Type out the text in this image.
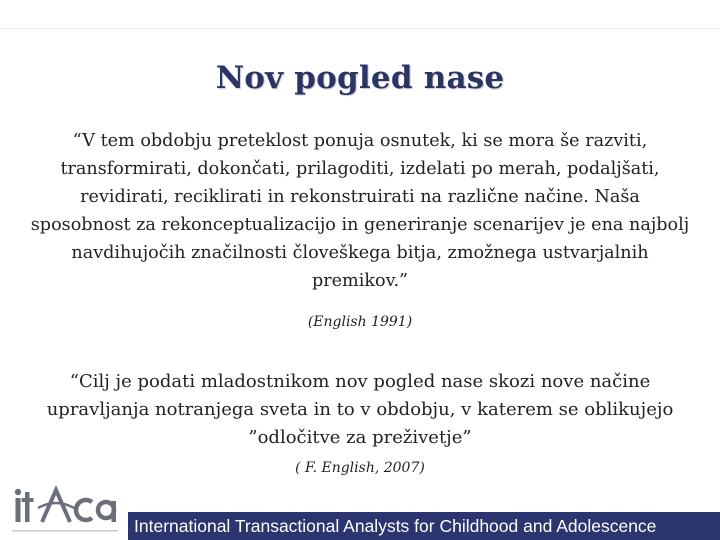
Nov pogled nase

“V tem obdobju preteklost ponuja osnutek, ki se mora še razviti, transformirati, dokončati, prilagoditi, izdelati po merah, podaljšati, revidirati, reciklirati in rekonstruirati na različne načine. Naša sposobnost za rekonceptualizacijo in generiranje scenarijev je ena najbolj navdihujočih značilnosti človeškega bitja, zmožnega ustvarjalnih premikov.”

(English 1991)

“Cilj je podati mladostnikom nov pogled nase skozi nove načine upravljanja notranjega sveta in to v obdobju, v katerem se oblikujejo ”odločitve za preživetje”

( F. English, 2007)

International Transactional Analysts for Childhood and Adolescence
